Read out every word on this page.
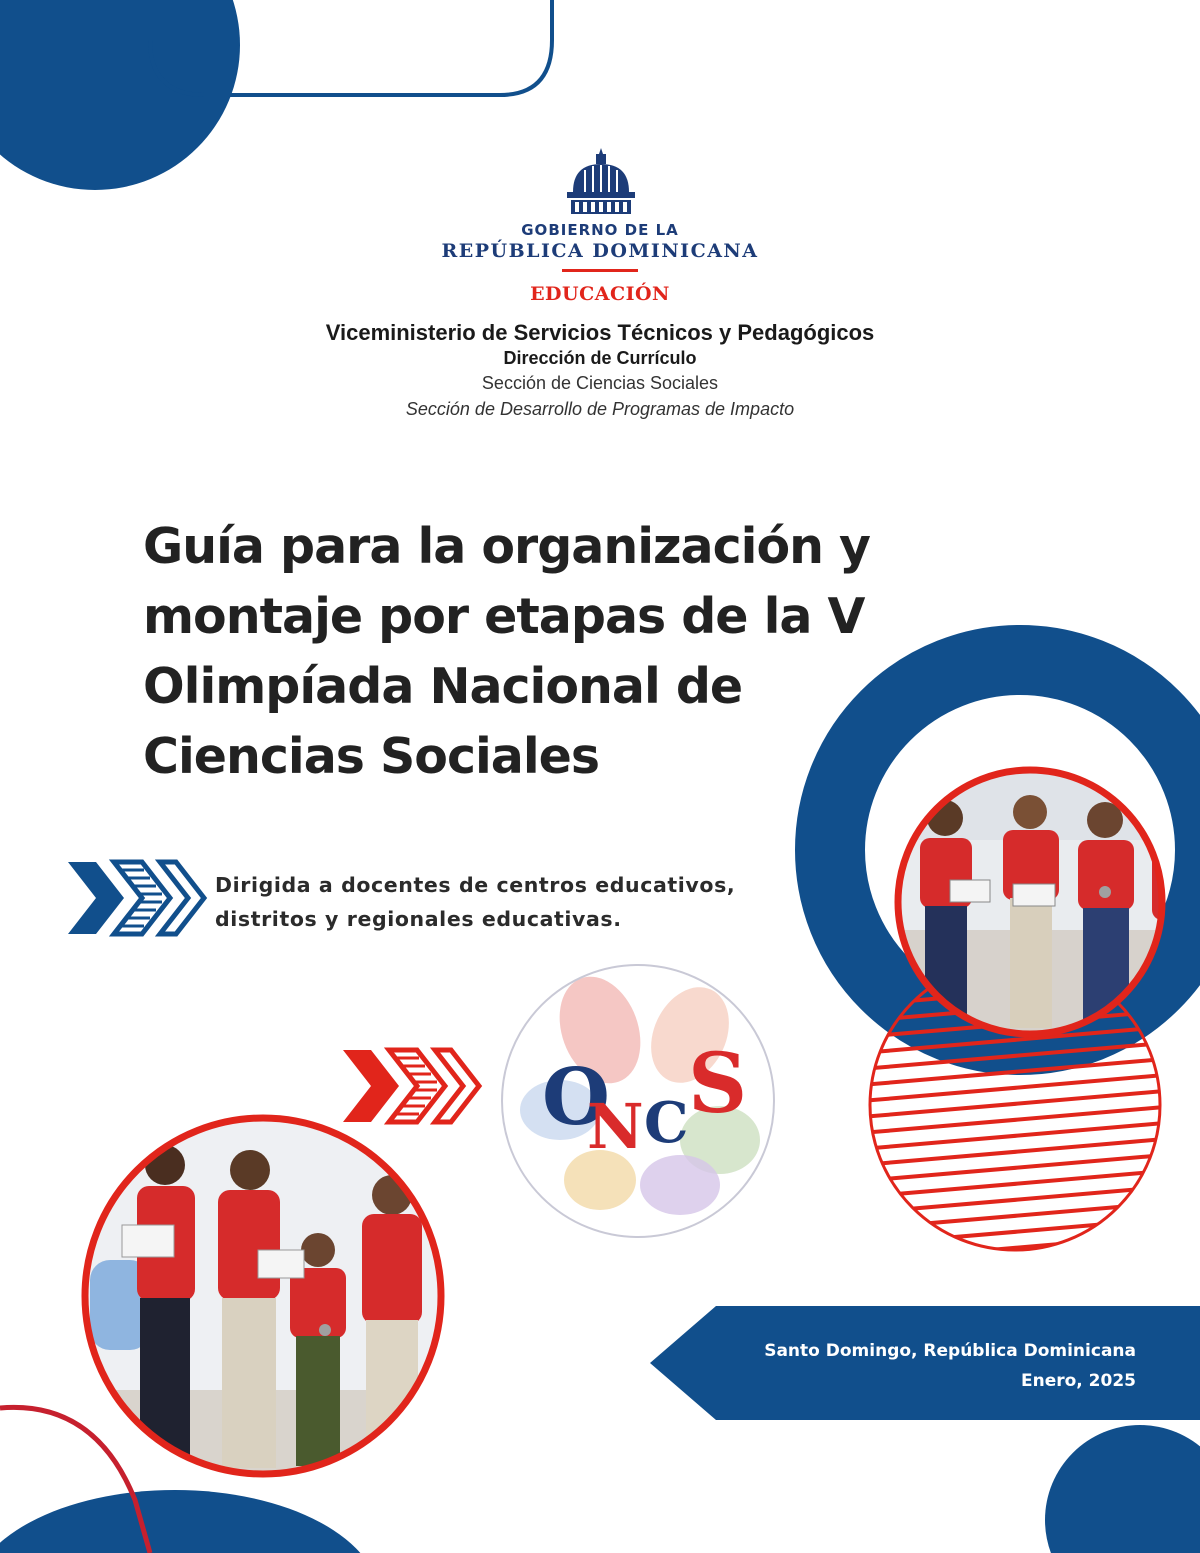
O
N C S
GOBIERNO DE LA
REPÚBLICA DOMINICANA
EDUCACIÓN
Viceministerio de Servicios Técnicos y Pedagógicos
Dirección de Currículo
Sección de Ciencias Sociales
Sección de Desarrollo de Programas de Impacto
Guía para la organización y
montaje por etapas de la V
Olimpíada Nacional de
Ciencias Sociales
Dirigida a docentes de centros educativos,
distritos y regionales educativas.
Santo Domingo, República Dominicana
Enero, 2025
